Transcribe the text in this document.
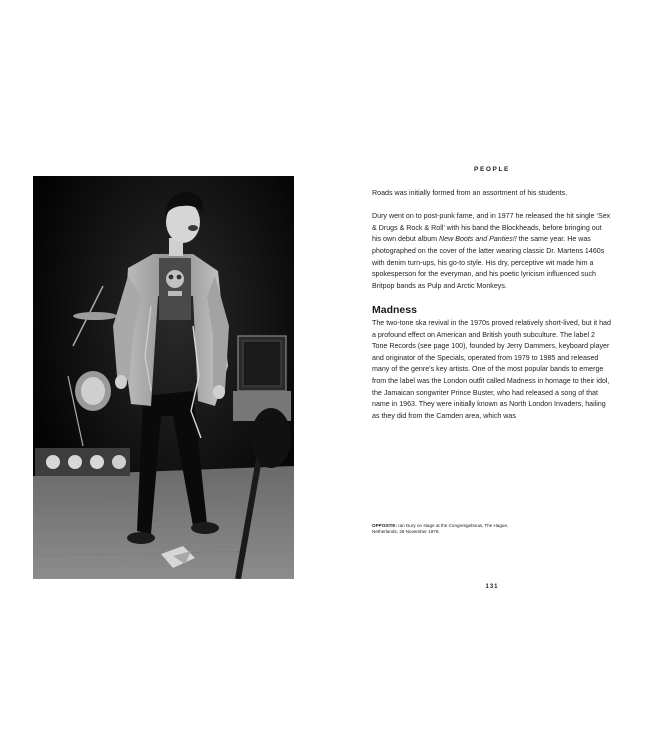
PEOPLE

Roads was initially formed from an assortment of his students.

Dury went on to post-punk fame, and in 1977 he released the hit single ‘Sex & Drugs & Rock & Roll’ with his band the Blockheads, before bringing out his own debut album New Boots and Panties!! the same year. He was photographed on the cover of the latter wearing classic Dr. Martens 1460s with denim turn-ups, his go-to style. His dry, perceptive wit made him a spokesperson for the everyman, and his poetic lyricism influenced such Britpop bands as Pulp and Arctic Monkeys.

Madness

The two-tone ska revival in the 1970s proved relatively short-lived, but it had a profound effect on American and British youth subculture. The label 2 Tone Records (see page 100), founded by Jerry Dammers, keyboard player and originator of the Specials, operated from 1979 to 1985 and released many of the genre’s key artists. One of the most popular bands to emerge from the label was the London outfit called Madness in homage to their idol, the Jamaican songwriter Prince Buster, who had released a song of that name in 1963. They were initially known as North London Invaders, hailing as they did from the Camden area, which was

OPPOSITE: Ian Dury on stage at the Congresgebouw, The Hague, Netherlands, 28 November 1978.
131
